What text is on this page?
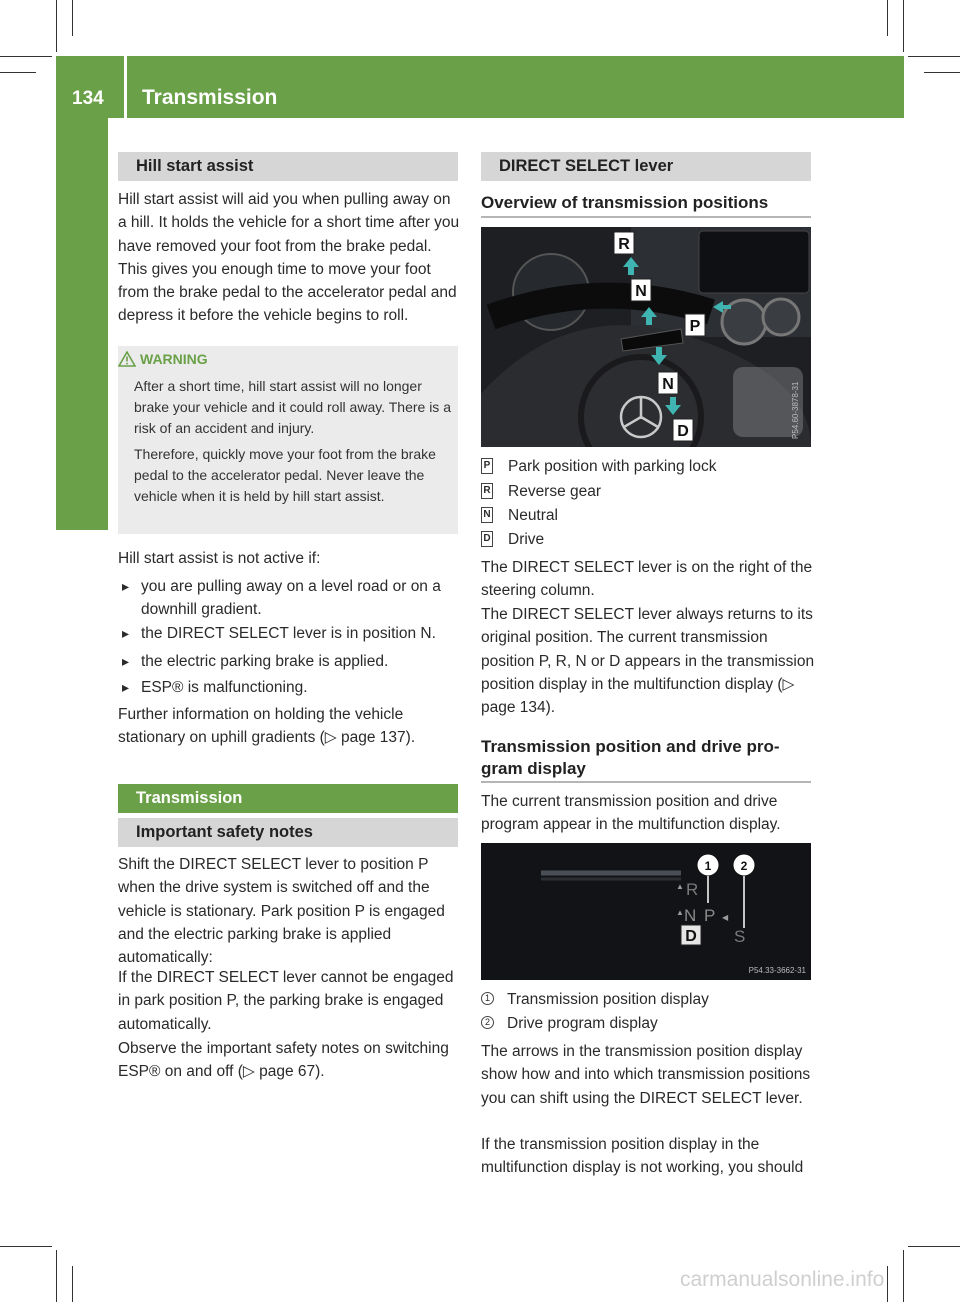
134 Transmission
Driving and parking	Hill start assist
Hill start assist will aid you when pulling away on a hill. It holds the vehicle for a short time after you have removed your foot from the brake pedal. This gives you enough time to move your foot from the brake pedal to the accelerator pedal and depress it before the vehicle begins to roll.
WARNING
After a short time, hill start assist will no longer brake your vehicle and it could roll away. There is a risk of an accident and injury.
Therefore, quickly move your foot from the brake pedal to the accelerator pedal. Never leave the vehicle when it is held by hill start assist.
Hill start assist is not active if:
▸ you are pulling away on a level road or on a downhill gradient.
▸ the DIRECT SELECT lever is in position N.
▸ the electric parking brake is applied.
▸ ESP® is malfunctioning.
Further information on holding the vehicle stationary on uphill gradients (▷ page 137).
Transmission
Important safety notes
Shift the DIRECT SELECT lever to position P when the drive system is switched off and the vehicle is stationary. Park position P is engaged and the electric parking brake is applied automatically:
If the DIRECT SELECT lever cannot be engaged in park position P, the parking brake is engaged automatically.
Observe the important safety notes on switching ESP® on and off (▷ page 67).
DIRECT SELECT lever
Overview of transmission positions
R
N
P
N
D	P54.60-3878-31
P Park position with parking lock
R Reverse gear
N Neutral
D Drive
The DIRECT SELECT lever is on the right of the steering column.
The DIRECT SELECT lever always returns to its original position. The current transmission position P, R, N or D appears in the transmission position display in the multifunction display (▷ page 134).
Transmission position and drive pro-
gram display
The current transmission position and drive program appear in the multifunction display.
1 2
▲ R
▲ N P ◀
D S
P54.33-3662-31
1 Transmission position display
2 Drive program display
The arrows in the transmission position display show how and into which transmission positions you can shift using the DIRECT SELECT lever.
If the transmission position display in the multifunction display is not working, you should
carmanualsonline.info
